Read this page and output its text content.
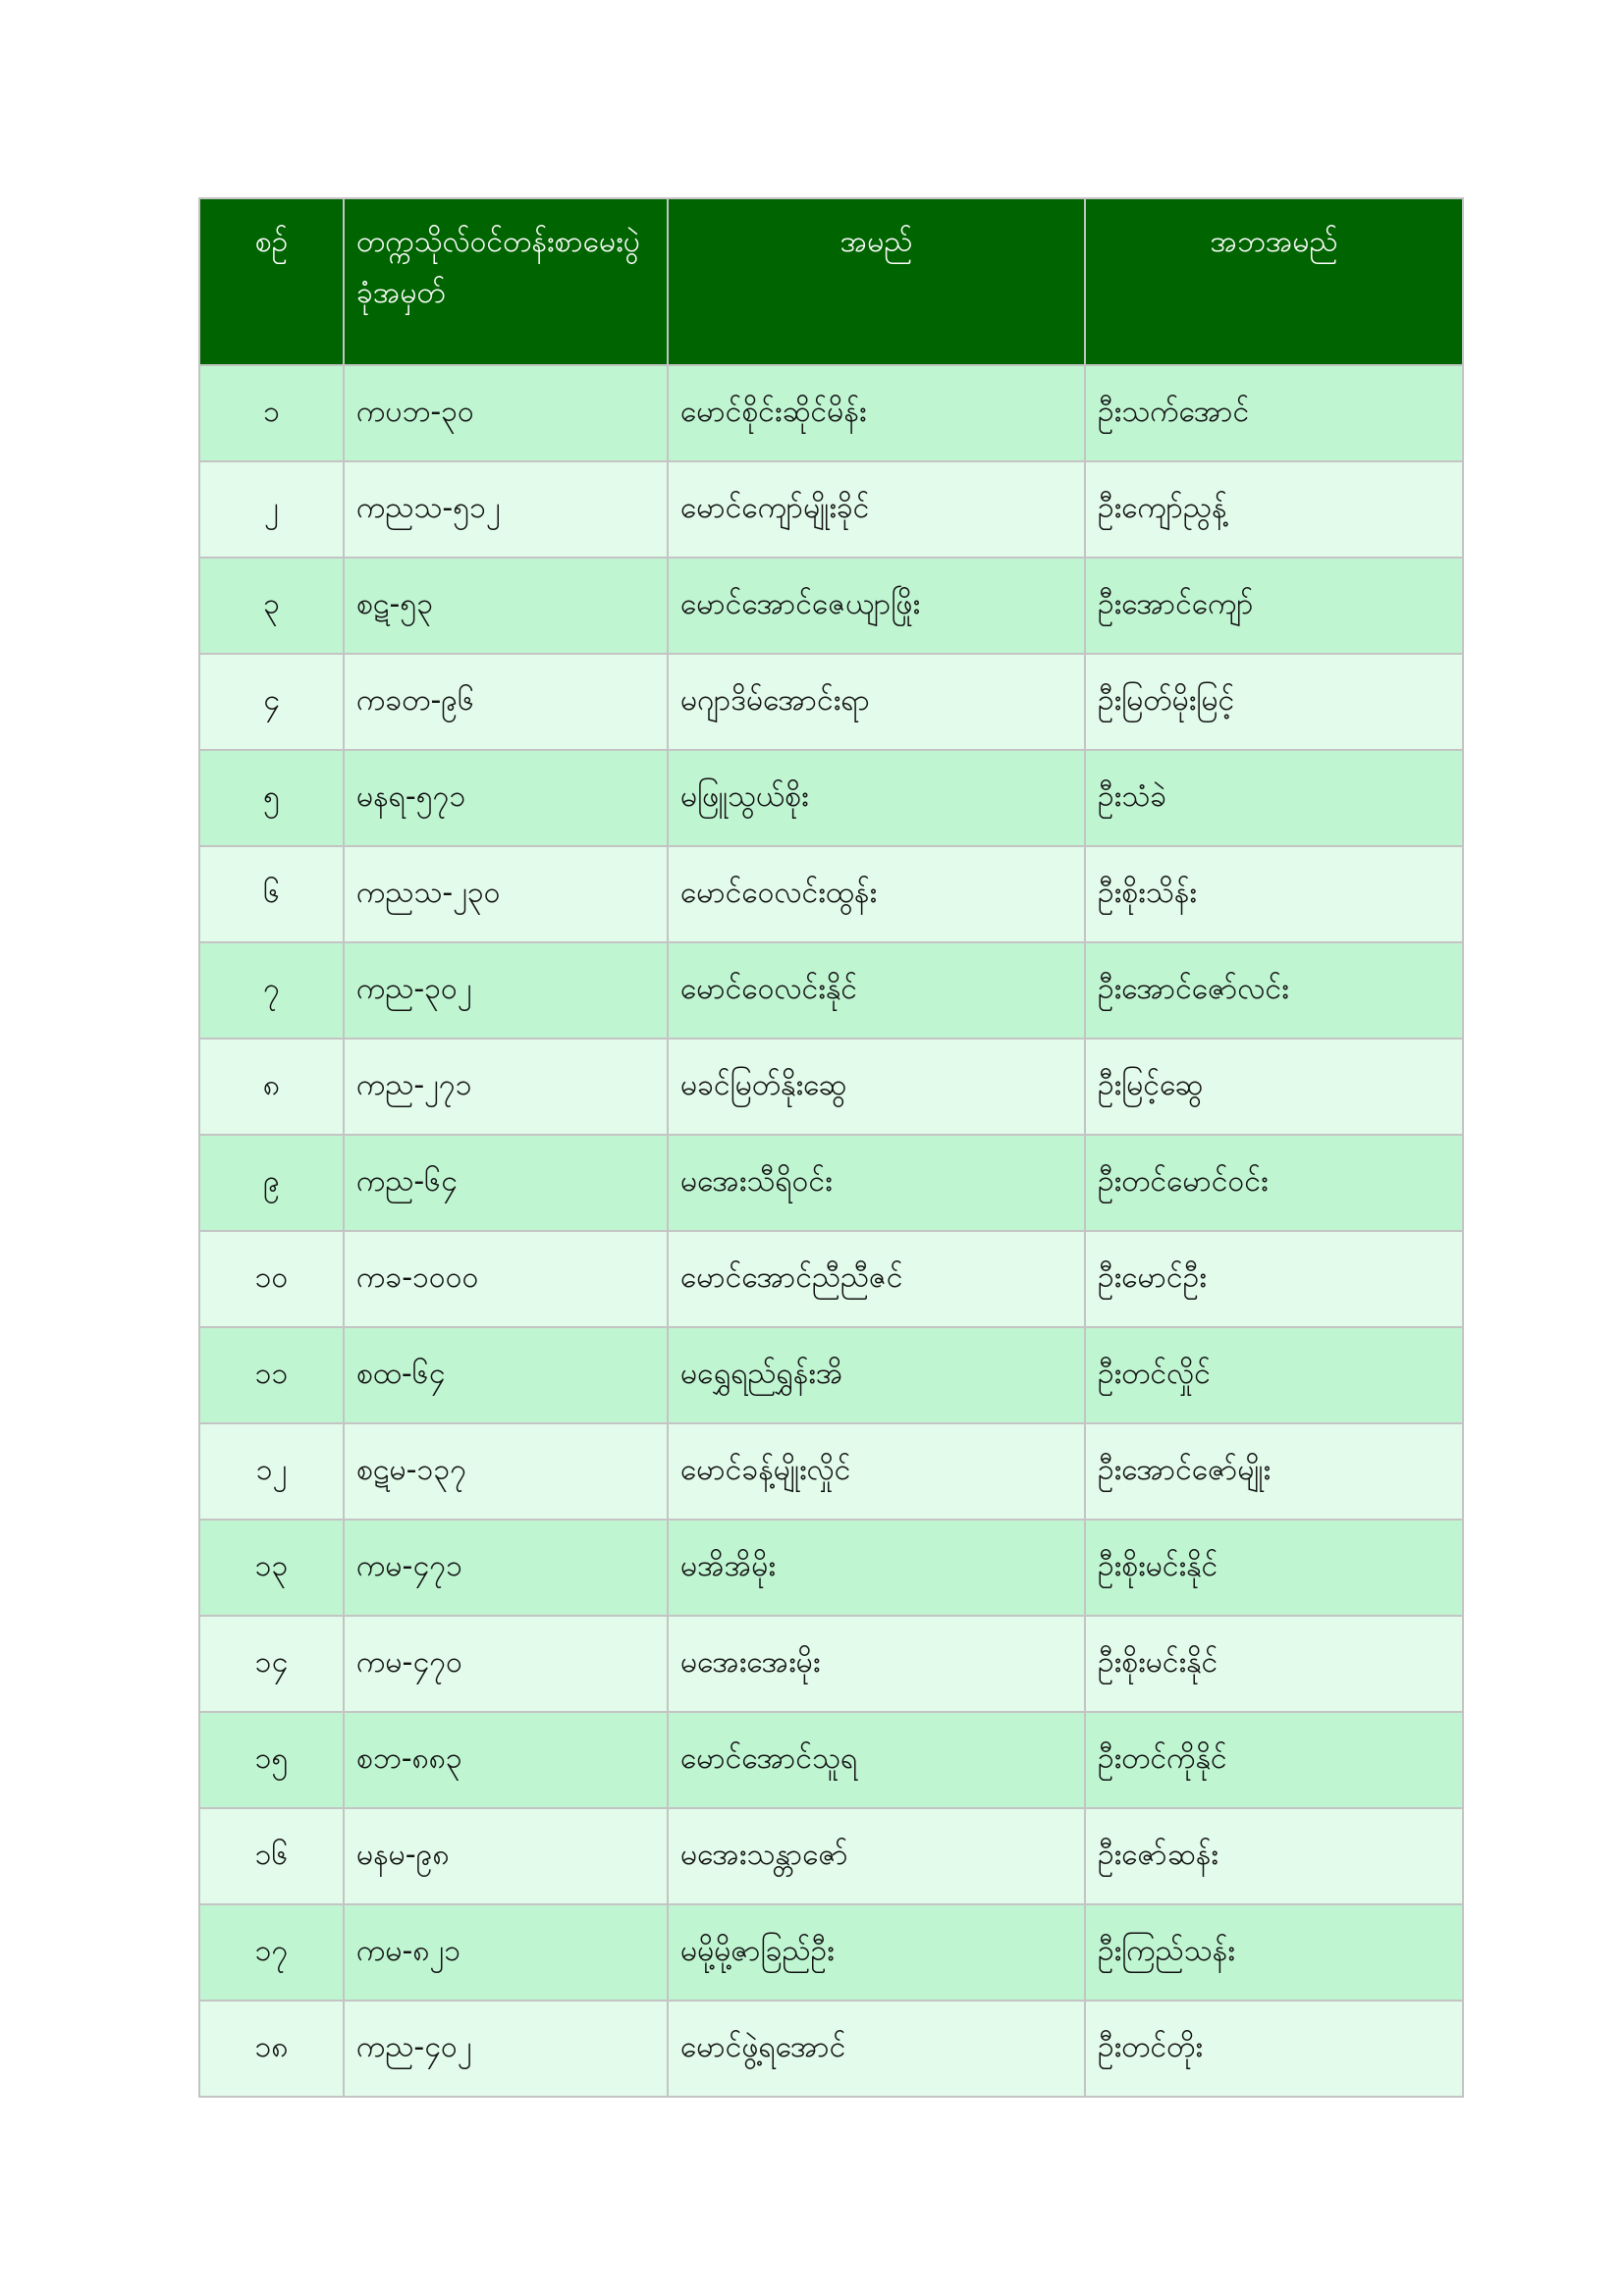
စဉ်	တက္ကသိုလ်ဝင်တန်းစာမေးပွဲ ခုံအမှတ်	အမည်	အဘအမည်
၁	ကပဘ-၃၀	မောင်စိုင်းဆိုင်မိန်း	ဦးသက်အောင်
၂	ကညသ-၅၁၂	မောင်ကျော်မျိုးခိုင်	ဦးကျော်ညွန့်
၃	စဋ-၅၃	မောင်အောင်ဇေယျာဖြိုး	ဦးအောင်ကျော်
၄	ကခတ-၉၆	မဂျာဒိမ်အောင်းရာ	ဦးမြတ်မိုးမြင့်
၅	မနရ-၅၇၁	မဖြူသွယ်စိုး	ဦးသံခဲ
၆	ကညသ-၂၃၀	မောင်ဝေလင်းထွန်း	ဦးစိုးသိန်း
၇	ကည-၃၀၂	မောင်ဝေလင်းနိုင်	ဦးအောင်ဇော်လင်း
၈	ကည-၂၇၁	မခင်မြတ်နိုးဆွေ	ဦးမြင့်ဆွေ
၉	ကည-၆၄	မအေးသီရိဝင်း	ဦးတင်မောင်ဝင်း
၁၀	ကခ-၁၀၀၀	မောင်အောင်ညီညီဇင်	ဦးမောင်ဦး
၁၁	စထ-၆၄	မရွှေရည်ရွှန်းအိ	ဦးတင်လှိုင်
၁၂	စဋမ-၁၃၇	မောင်ခန့်မျိုးလှိုင်	ဦးအောင်ဇော်မျိုး
၁၃	ကမ-၄၇၁	မအိအိမိုး	ဦးစိုးမင်းနိုင်
၁၄	ကမ-၄၇၀	မအေးအေးမိုး	ဦးစိုးမင်းနိုင်
၁၅	စဘ-၈၈၃	မောင်အောင်သူရ	ဦးတင်ကိုနိုင်
၁၆	မနမ-၉၈	မအေးသန္တာဇော်	ဦးဇော်ဆန်း
၁၇	ကမ-၈၂၁	မမို့မို့ဇာခြည်ဦး	ဦးကြည်သန်း
၁၈	ကည-၄၀၂	မောင်ဖွဲ့ရအောင်	ဦးတင်တိုး
